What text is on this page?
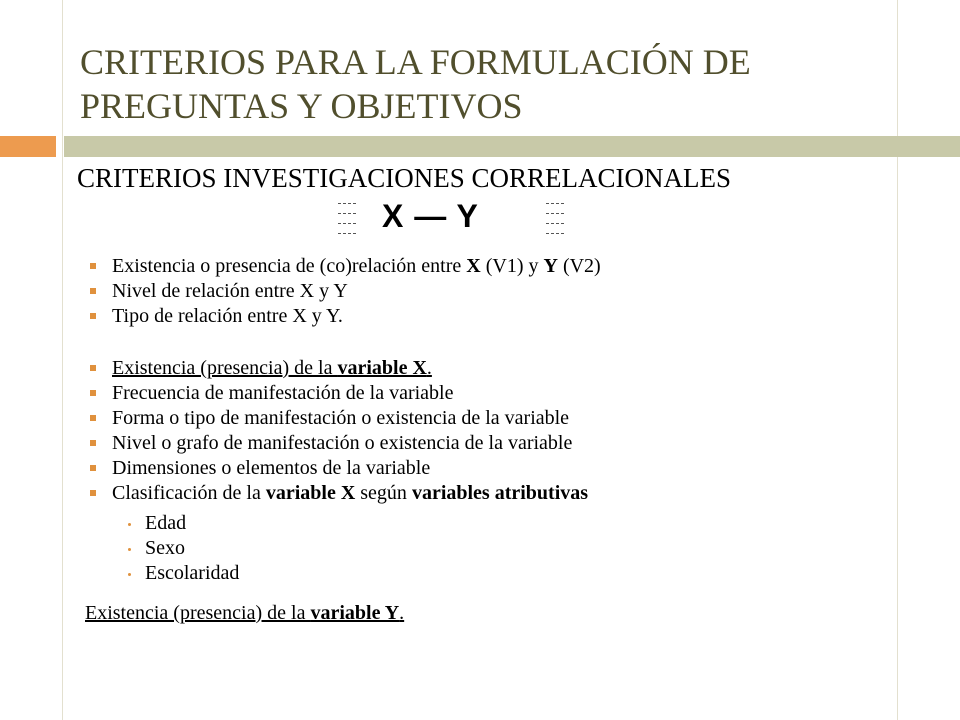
CRITERIOS PARA LA FORMULACIÓN DE PREGUNTAS Y OBJETIVOS
CRITERIOS INVESTIGACIONES CORRELACIONALES
X — Y
Existencia o presencia de (co)relación entre X (V1) y Y (V2)
Nivel de relación entre X y Y
Tipo de relación entre X y Y.
Existencia (presencia) de la variable X.
Frecuencia de manifestación de la variable
Forma o tipo de manifestación o existencia de la variable
Nivel o grafo de manifestación o existencia de la variable
Dimensiones o elementos de la variable
Clasificación de la variable X según variables atributivas
Edad
Sexo
Escolaridad
Existencia (presencia) de la variable Y.
